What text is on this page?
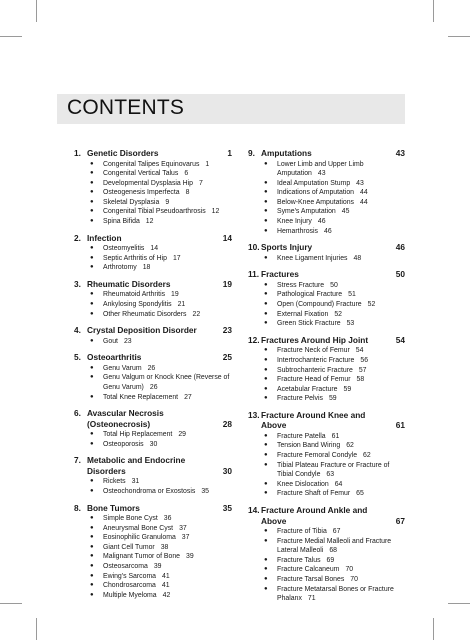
CONTENTS
1. Genetic Disorders	1
● Congenital Talipes Equinovarus 1
● Congenital Vertical Talus 6
● Developmental Dysplasia Hip 7
● Osteogenesis Imperfecta 8
● Skeletal Dysplasia 9
● Congenital Tibial Pseudoarthrosis 12
● Spina Bifida 12
2. Infection	14
● Osteomyelitis 14
● Septic Arthritis of Hip 17
● Arthrotomy 18
3. Rheumatic Disorders	19
● Rheumatoid Arthritis 19
● Ankylosing Spondylitis 21
● Other Rheumatic Disorders 22
4. Crystal Deposition Disorder	23
● Gout 23
5. Osteoarthritis	25
● Genu Varum 26
● Genu Valgum or Knock Knee (Reverse of Genu Varum) 26
● Total Knee Replacement 27
6. Avascular Necrosis (Osteonecrosis)	28
● Total Hip Replacement 29
● Osteoporosis 30
7. Metabolic and Endocrine Disorders	30
● Rickets 31
● Osteochondroma or Exostosis 35
8. Bone Tumors	35
● Simple Bone Cyst 36
● Aneurysmal Bone Cyst 37
● Eosinophilic Granuloma 37
● Giant Cell Tumor 38
● Malignant Tumor of Bone 39
● Osteosarcoma 39
● Ewing's Sarcoma 41
● Chondrosarcoma 41
● Multiple Myeloma 42
9. Amputations	43
● Lower Limb and Upper Limb Amputation 43
● Ideal Amputation Stump 43
● Indications of Amputation 44
● Below-Knee Amputations 44
● Syme's Amputation 45
● Knee Injury 46
● Hemarthrosis 46
10. Sports Injury	46
● Knee Ligament Injuries 48
11. Fractures	50
● Stress Fracture 50
● Pathological Fracture 51
● Open (Compound) Fracture 52
● External Fixation 52
● Green Stick Fracture 53
12. Fractures Around Hip Joint	54
● Fracture Neck of Femur 54
● Intertrochanteric Fracture 56
● Subtrochanteric Fracture 57
● Fracture Head of Femur 58
● Acetabular Fracture 59
● Fracture Pelvis 59
13. Fracture Around Knee and Above	61
● Fracture Patella 61
● Tension Band Wiring 62
● Fracture Femoral Condyle 62
● Tibial Plateau Fracture or Fracture of Tibial Condyle 63
● Knee Dislocation 64
● Fracture Shaft of Femur 65
14. Fracture Around Ankle and Above	67
● Fracture of Tibia 67
● Fracture Medial Malleoli and Fracture Lateral Malleoli 68
● Fracture Talus 69
● Fracture Calcaneum 70
● Fracture Tarsal Bones 70
● Fracture Metatarsal Bones or Fracture Phalanx 71
